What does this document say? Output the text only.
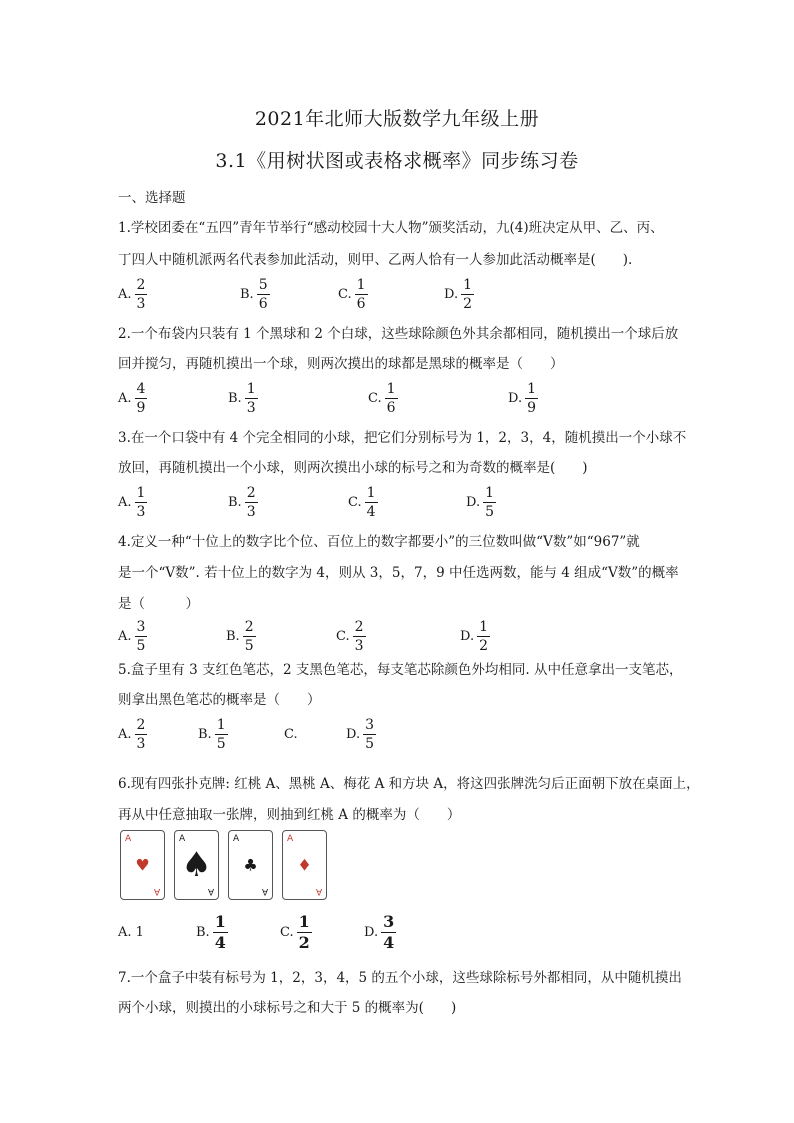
2021年北师大版数学九年级上册
3.1《用树状图或表格求概率》同步练习卷
一、选择题
1.学校团委在“五四”青年节举行“感动校园十大人物”颁奖活动，九(4)班决定从甲、乙、丙、
丁四人中随机派两名代表参加此活动，则甲、乙两人恰有一人参加此活动概率是(　　).
A. $\frac{2}{3}$	B. $\frac{5}{6}$	C. $\frac{1}{6}$	D. $\frac{1}{2}$
2.一个布袋内只装有 1 个黑球和 2 个白球，这些球除颜色外其余都相同，随机摸出一个球后放
回并搅匀，再随机摸出一个球，则两次摸出的球都是黑球的概率是（　　）
A. $\frac{4}{9}$	B. $\frac{1}{3}$	C. $\frac{1}{6}$	D. $\frac{1}{9}$
3.在一个口袋中有 4 个完全相同的小球，把它们分别标号为 1，2，3，4，随机摸出一个小球不
放回，再随机摸出一个小球，则两次摸出小球的标号之和为奇数的概率是(　　)
A. $\frac{1}{3}$	B. $\frac{2}{3}$	C. $\frac{1}{4}$	D. $\frac{1}{5}$
4.定义一种“十位上的数字比个位、百位上的数字都要小”的三位数叫做“V数”如“967”就
是一个“V数”. 若十位上的数字为 4，则从 3，5，7，9 中任选两数，能与 4 组成“V数”的概率
是（　　　）
A. $\frac{3}{5}$	B. $\frac{2}{5}$	C. $\frac{2}{3}$	D. $\frac{1}{2}$
5.盒子里有 3 支红色笔芯，2 支黑色笔芯，每支笔芯除颜色外均相同. 从中任意拿出一支笔芯，
则拿出黑色笔芯的概率是（　　）
A. $\frac{2}{3}$	B. $\frac{1}{5}$	C.	D. $\frac{3}{5}$
6.现有四张扑克牌: 红桃 A、黑桃 A、梅花 A 和方块 A，将这四张牌洗匀后正面朝下放在桌面上，
再从中任意抽取一张牌，则抽到红桃 A 的概率为（　　）
A
♥
A
A
♠
A
A
♣
A
A
♦
A
A. 1	B. $\frac{1}{4}$	C. $\frac{1}{2}$	D. $\frac{3}{4}$
7.一个盒子中装有标号为 1，2，3，4，5 的五个小球，这些球除标号外都相同，从中随机摸出
两个小球，则摸出的小球标号之和大于 5 的概率为(　　)
